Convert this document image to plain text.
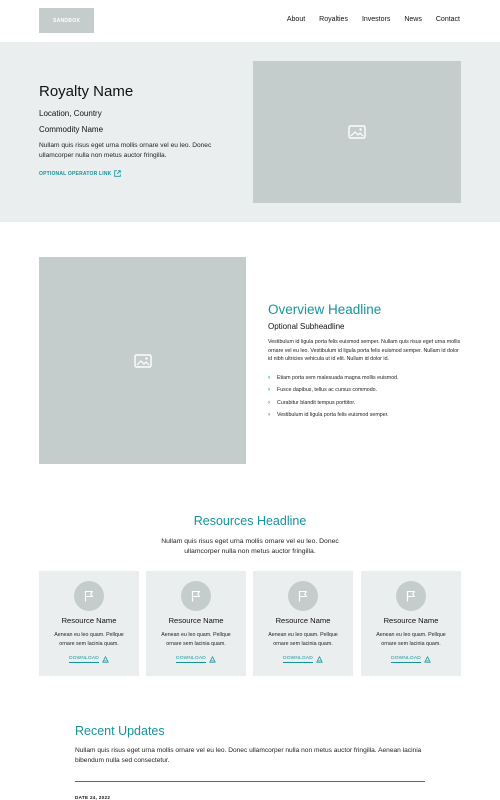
SANDBOX	About Royalties Investors News Contact
Royalty Name
Location, Country
Commodity Name

Nullam quis risus eget urna mollis ornare vel eu leo. Donec ullamcorper nulla non metus auctor fringilla.

OPTIONAL OPERATOR LINK
Overview Headline
Optional Subheadline

Vestibulum id ligula porta felis euismod semper. Nullam quis risus eget urna mollis ornare vel eu leo. Vestibulum id ligula porta felis euismod semper. Nullam id dolor id nibh ultricies vehicula ut id elit. Nullam id dolor id.

›	Etiam porta sem malesuada magna mollis euismod.
›	Fusce dapibus, tellus ac cursus commodo.
›	Curabitur blandit tempus porttitor.
›	Vestibulum id ligula porta felis euismod semper.
Resources Headline

Nullam quis risus eget urna mollis ornare vel eu leo. Donec ullamcorper nulla non metus auctor fringilla.

Resource Name

Aenean eu leo quam. Pellque ornare sem lacinia quam.

DOWNLOAD
Resource Name

Aenean eu leo quam. Pellque ornare sem lacinia quam.

DOWNLOAD
Resource Name

Aenean eu leo quam. Pellque ornare sem lacinia quam.

DOWNLOAD
Resource Name

Aenean eu leo quam. Pellque ornare sem lacinia quam.

DOWNLOAD
Recent Updates

Nullam quis risus eget urna mollis ornare vel eu leo. Donec ullamcorper nulla non metus auctor fringilla. Aenean lacinia bibendum nulla sed consectetur.

DATE 24, 2022
